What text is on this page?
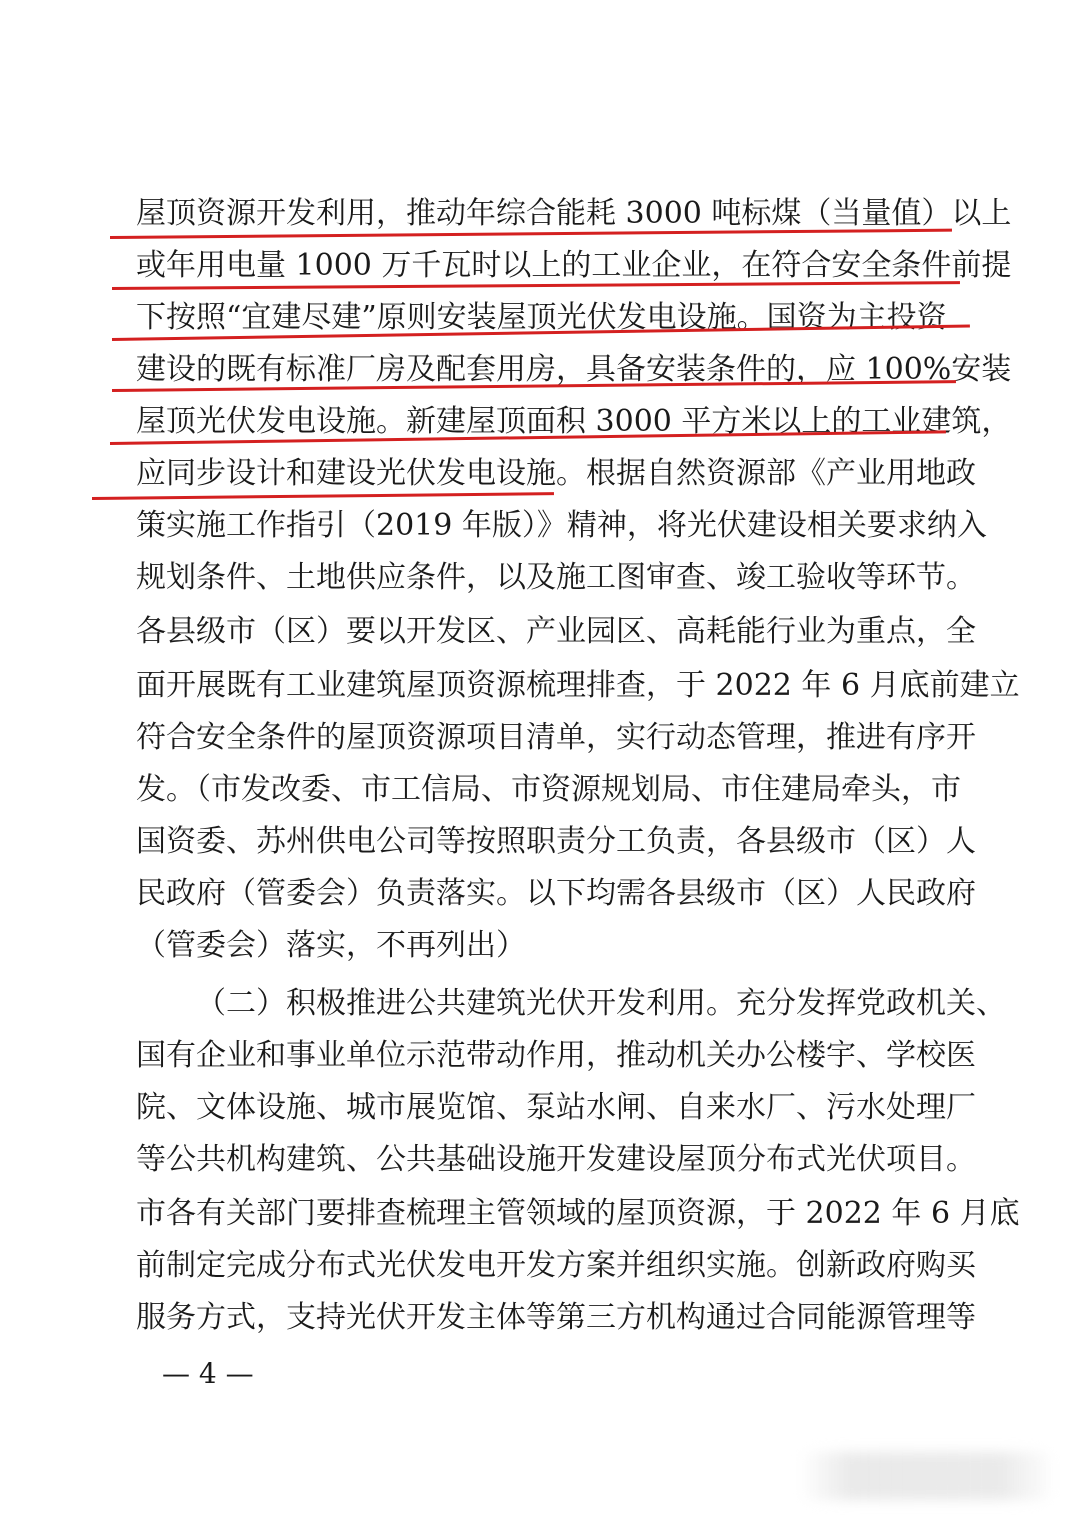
屋顶资源开发利用，推动年综合能耗 3000 吨标煤（当量值）以上
或年用电量 1000 万千瓦时以上的工业企业，在符合安全条件前提
下按照“宜建尽建”原则安装屋顶光伏发电设施。国资为主投资
建设的既有标准厂房及配套用房，具备安装条件的，应 100%安装
屋顶光伏发电设施。新建屋顶面积 3000 平方米以上的工业建筑，
应同步设计和建设光伏发电设施。根据自然资源部《产业用地政
策实施工作指引（2019 年版）》精神，将光伏建设相关要求纳入
规划条件、土地供应条件，以及施工图审查、竣工验收等环节。
各县级市（区）要以开发区、产业园区、高耗能行业为重点，全
面开展既有工业建筑屋顶资源梳理排查，于 2022 年 6 月底前建立
符合安全条件的屋顶资源项目清单，实行动态管理，推进有序开
发。（市发改委、市工信局、市资源规划局、市住建局牵头，市
国资委、苏州供电公司等按照职责分工负责，各县级市（区）人
民政府（管委会）负责落实。以下均需各县级市（区）人民政府
（管委会）落实，不再列出）
（二）积极推进公共建筑光伏开发利用。充分发挥党政机关、
国有企业和事业单位示范带动作用，推动机关办公楼宇、学校医
院、文体设施、城市展览馆、泵站水闸、自来水厂、污水处理厂
等公共机构建筑、公共基础设施开发建设屋顶分布式光伏项目。
市各有关部门要排查梳理主管领域的屋顶资源，于 2022 年 6 月底
前制定完成分布式光伏发电开发方案并组织实施。创新政府购买
服务方式，支持光伏开发主体等第三方机构通过合同能源管理等
— 4 —
